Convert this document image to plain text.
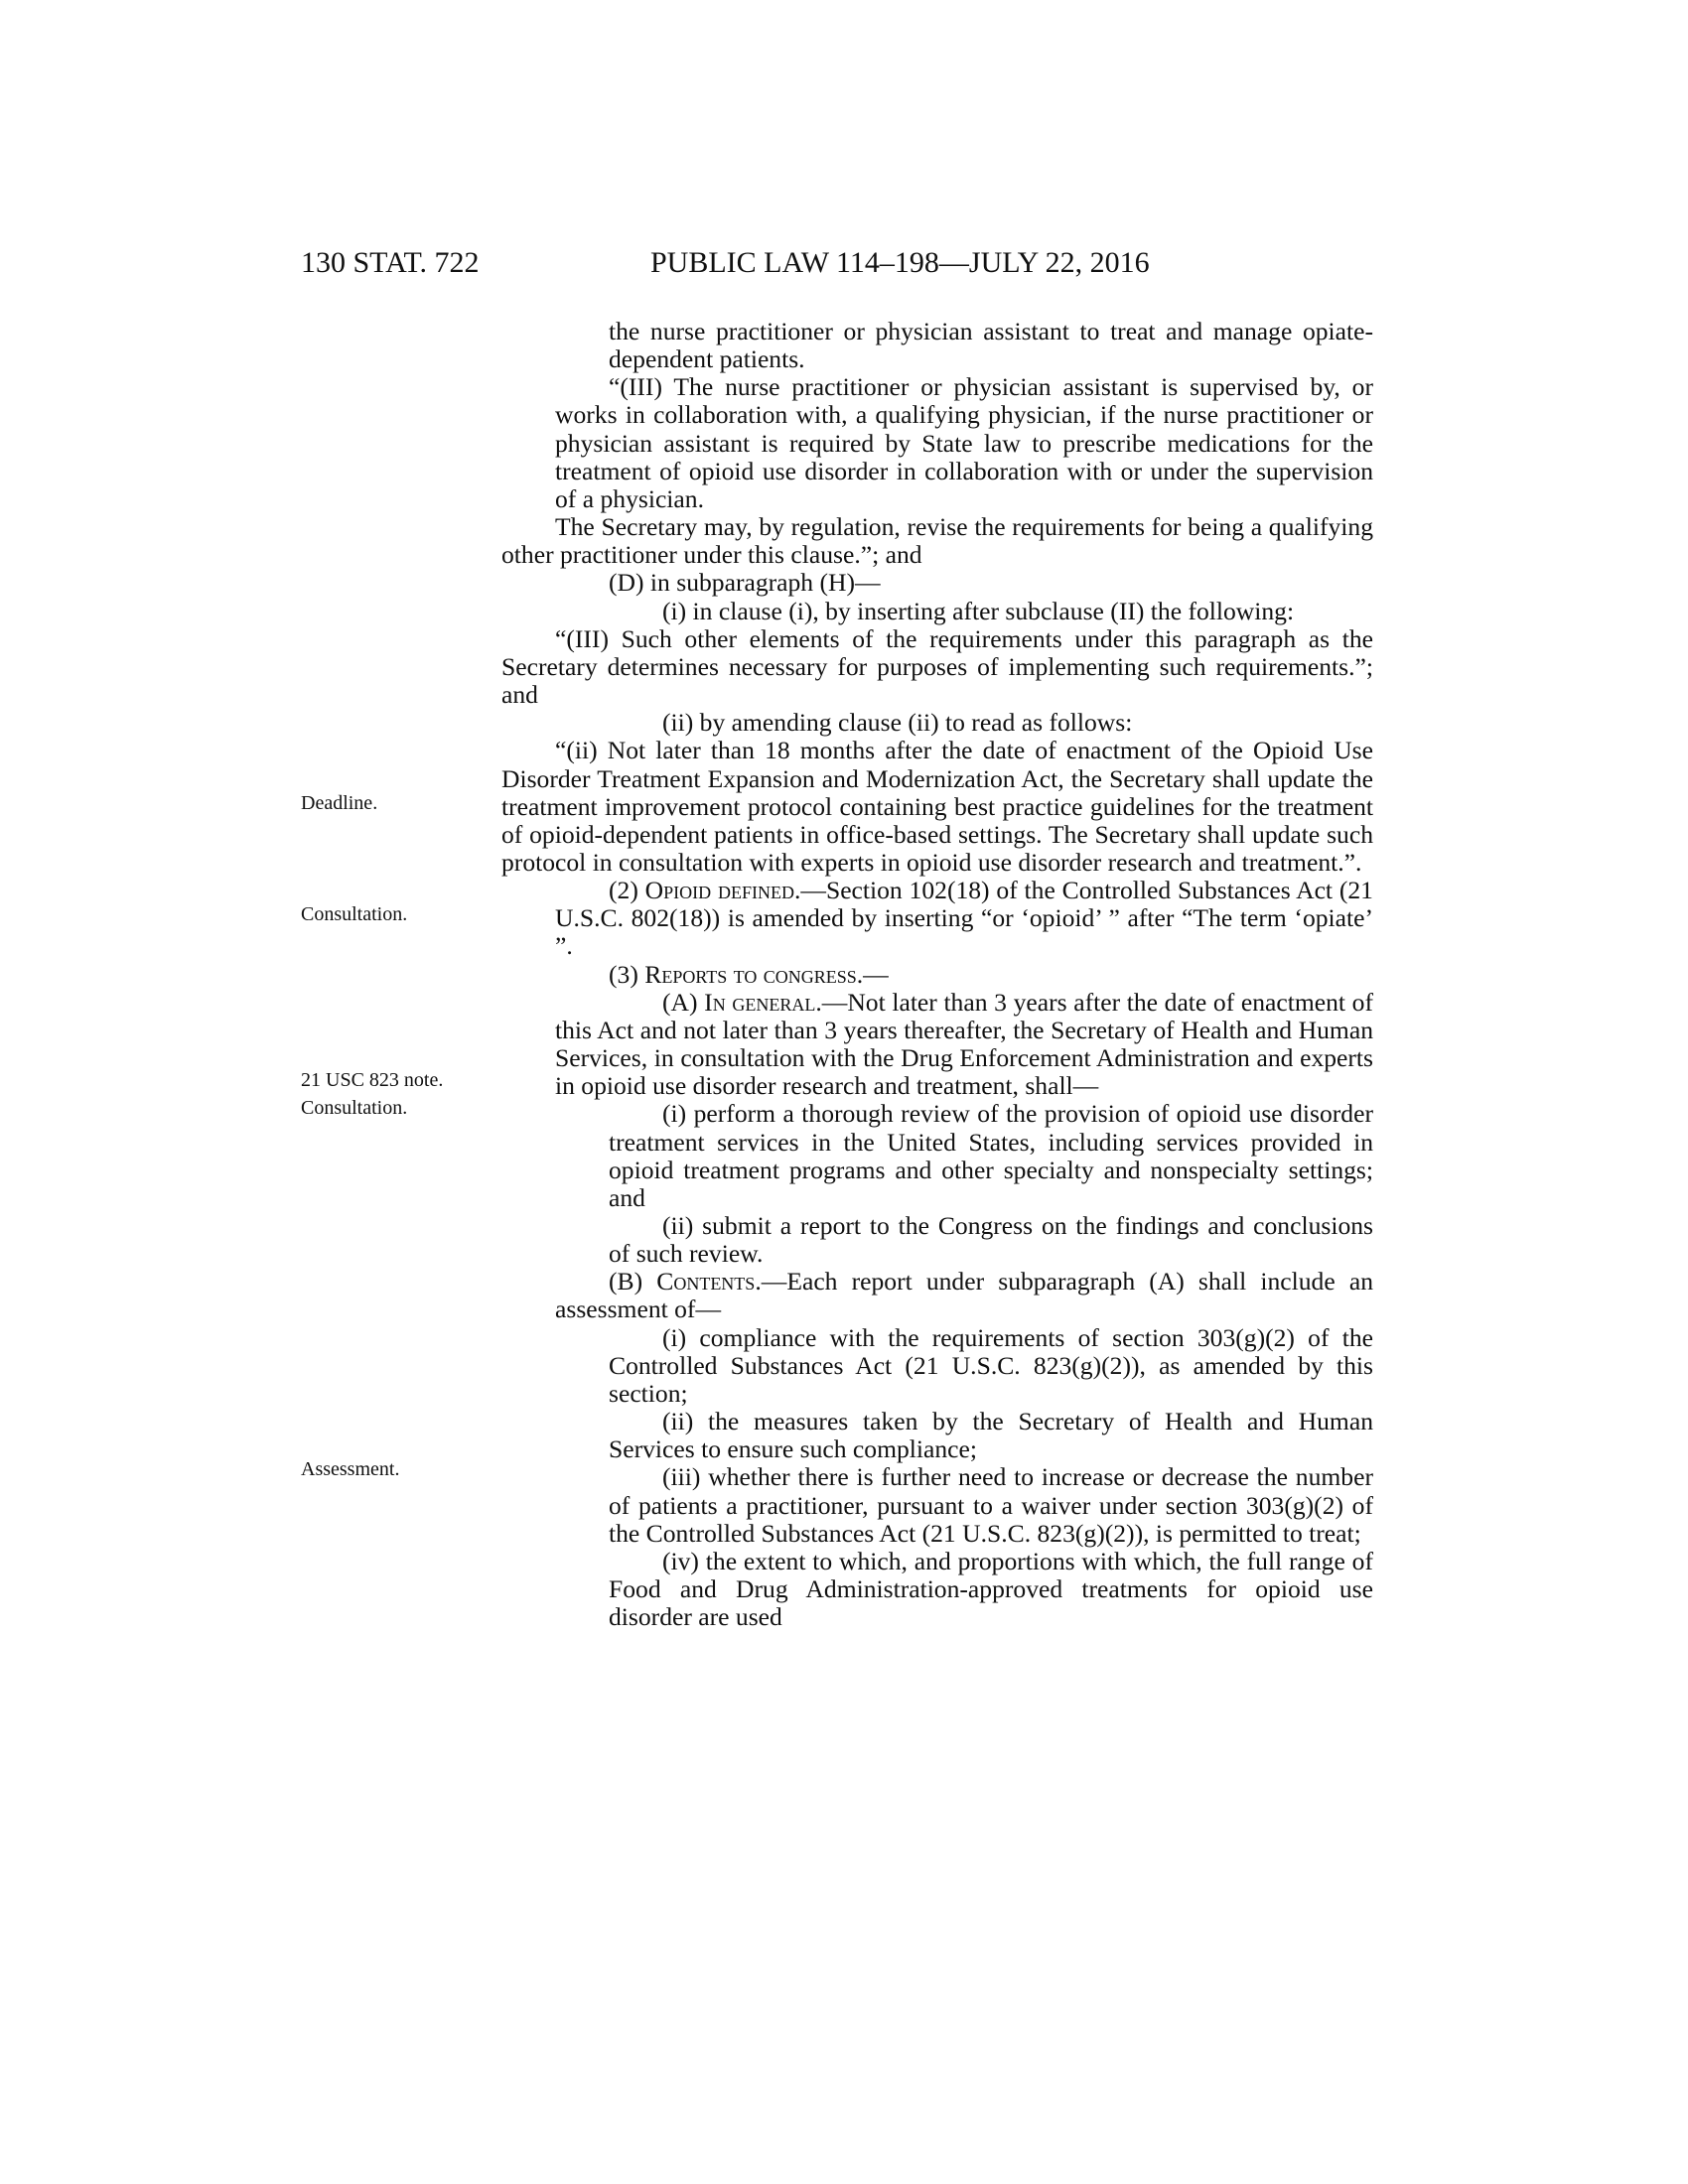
130 STAT. 722	PUBLIC LAW 114–198—JULY 22, 2016
Deadline.
Consultation.
21 USC 823 note.
Consultation.
Assessment.

the nurse practitioner or physician assistant to treat and manage opiate-dependent patients.

“(III) The nurse practitioner or physician assistant is supervised by, or works in collaboration with, a qualifying physician, if the nurse practitioner or physician assistant is required by State law to prescribe medications for the treatment of opioid use disorder in collaboration with or under the supervision of a physician.

The Secretary may, by regulation, revise the requirements for being a qualifying other practitioner under this clause.”; and

(D) in subparagraph (H)—

(i) in clause (i), by inserting after subclause (II) the following:

“(III) Such other elements of the requirements under this paragraph as the Secretary determines necessary for purposes of implementing such requirements.”; and

(ii) by amending clause (ii) to read as follows:

“(ii) Not later than 18 months after the date of enactment of the Opioid Use Disorder Treatment Expansion and Modernization Act, the Secretary shall update the treatment improvement protocol containing best practice guidelines for the treatment of opioid-dependent patients in office-based settings. The Secretary shall update such protocol in consultation with experts in opioid use disorder research and treatment.”.

(2) Opioid defined.—Section 102(18) of the Controlled Substances Act (21 U.S.C. 802(18)) is amended by inserting “or ‘opioid’ ” after “The term ‘opiate’ ”.

(3) Reports to congress.—

(A) In general.—Not later than 3 years after the date of enactment of this Act and not later than 3 years thereafter, the Secretary of Health and Human Services, in consultation with the Drug Enforcement Administration and experts in opioid use disorder research and treatment, shall—

(i) perform a thorough review of the provision of opioid use disorder treatment services in the United States, including services provided in opioid treatment programs and other specialty and nonspecialty settings; and

(ii) submit a report to the Congress on the findings and conclusions of such review.

(B) Contents.—Each report under subparagraph (A) shall include an assessment of—

(i) compliance with the requirements of section 303(g)(2) of the Controlled Substances Act (21 U.S.C. 823(g)(2)), as amended by this section;

(ii) the measures taken by the Secretary of Health and Human Services to ensure such compliance;

(iii) whether there is further need to increase or decrease the number of patients a practitioner, pursuant to a waiver under section 303(g)(2) of the Controlled Substances Act (21 U.S.C. 823(g)(2)), is permitted to treat;

(iv) the extent to which, and proportions with which, the full range of Food and Drug Administration-approved treatments for opioid use disorder are used
